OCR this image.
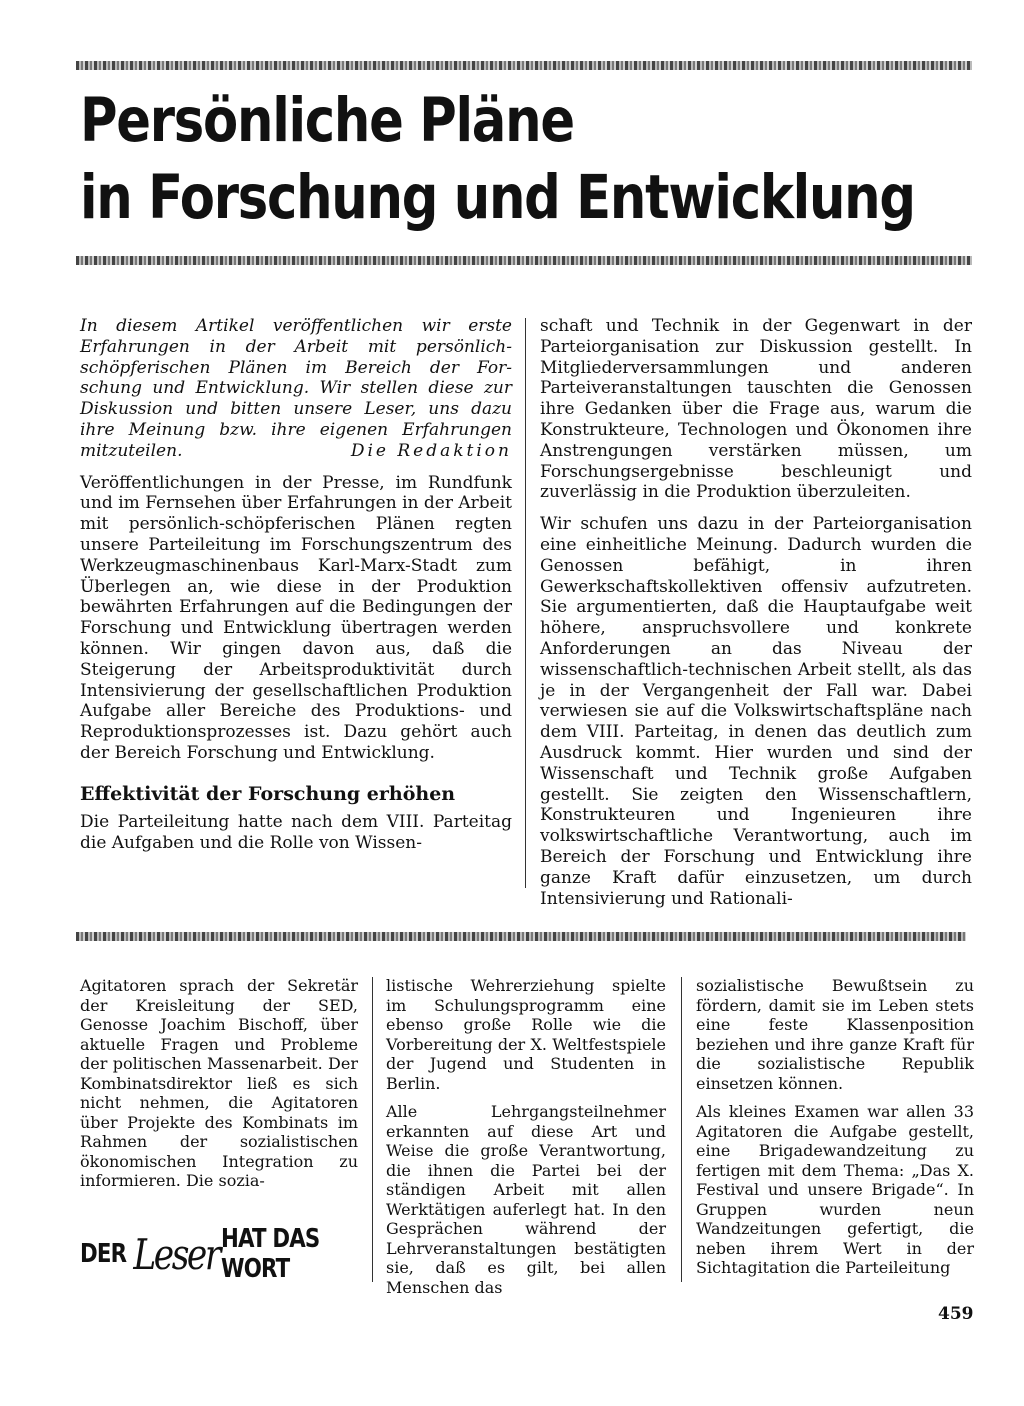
Persönliche Pläne
in Forschung und Entwicklung
In diesem Artikel veröffentlichen wir erste
Erfahrungen in der Arbeit mit persönlich-
schöpferischen Plänen im Bereich der For-
schung und Entwicklung. Wir stellen diese zur
Diskussion und bitten unsere Leser, uns dazu
ihre Meinung bzw. ihre eigenen Erfahrungen
mitzuteilen.	Die Redaktion

Veröffentlichungen in der Presse, im Rundfunk und im Fernsehen über Erfahrungen in der Arbeit mit persönlich-schöpferischen Plänen regten unsere Parteileitung im Forschungszentrum des Werkzeugmaschinenbaus Karl-Marx-Stadt zum Überlegen an, wie diese in der Produktion bewährten Erfahrungen auf die Bedingungen der Forschung und Entwicklung übertragen werden können. Wir gingen davon aus, daß die Steigerung der Arbeitsproduktivität durch Intensivierung der gesellschaftlichen Produktion Aufgabe aller Bereiche des Produktions- und Reproduktionsprozesses ist. Dazu gehört auch der Bereich Forschung und Entwicklung.

Effektivität der Forschung erhöhen

Die Parteileitung hatte nach dem VIII. Parteitag die Aufgaben und die Rolle von Wissen-

schaft und Technik in der Gegenwart in der Parteiorganisation zur Diskussion gestellt. In Mitgliederversammlungen und anderen Parteiveranstaltungen tauschten die Genossen ihre Gedanken über die Frage aus, warum die Konstrukteure, Technologen und Ökonomen ihre Anstrengungen verstärken müssen, um Forschungsergebnisse beschleunigt und zuverlässig in die Produktion überzuleiten.

Wir schufen uns dazu in der Parteiorganisation eine einheitliche Meinung. Dadurch wurden die Genossen befähigt, in ihren Gewerkschaftskollektiven offensiv aufzutreten. Sie argumentierten, daß die Hauptaufgabe weit höhere, anspruchsvollere und konkrete Anforderungen an das Niveau der wissenschaftlich-technischen Arbeit stellt, als das je in der Vergangenheit der Fall war. Dabei verwiesen sie auf die Volkswirtschaftspläne nach dem VIII. Parteitag, in denen das deutlich zum Ausdruck kommt. Hier wurden und sind der Wissenschaft und Technik große Aufgaben gestellt. Sie zeigten den Wissenschaftlern, Konstrukteuren und Ingenieuren ihre volkswirtschaftliche Verantwortung, auch im Bereich der Forschung und Entwicklung ihre ganze Kraft dafür einzusetzen, um durch Intensivierung und Rationali-

Agitatoren sprach der Sekretär der Kreisleitung der SED, Genosse Joachim Bischoff, über aktuelle Fragen und Probleme der politischen Massenarbeit. Der Kombinatsdirektor ließ es sich nicht nehmen, die Agitatoren über Projekte des Kombinats im Rahmen der sozialistischen ökonomischen Integration zu informieren. Die sozia-

DER Leser HAT DAS WORT

listische Wehrerziehung spielte im Schulungsprogramm eine ebenso große Rolle wie die Vorbereitung der X. Weltfestspiele der Jugend und Studenten in Berlin.

Alle Lehrgangsteilnehmer erkannten auf diese Art und Weise die große Verantwortung, die ihnen die Partei bei der ständigen Arbeit mit allen Werktätigen auferlegt hat. In den Gesprächen während der Lehrveranstaltungen bestätigten sie, daß es gilt, bei allen Menschen das

sozialistische Bewußtsein zu fördern, damit sie im Leben stets eine feste Klassenposition beziehen und ihre ganze Kraft für die sozialistische Republik einsetzen können.

Als kleines Examen war allen 33 Agitatoren die Aufgabe gestellt, eine Brigadewandzeitung zu fertigen mit dem Thema: „Das X. Festival und unsere Brigade“. In Gruppen wurden neun Wandzeitungen gefertigt, die neben ihrem Wert in der Sichtagitation die Parteileitung

459
